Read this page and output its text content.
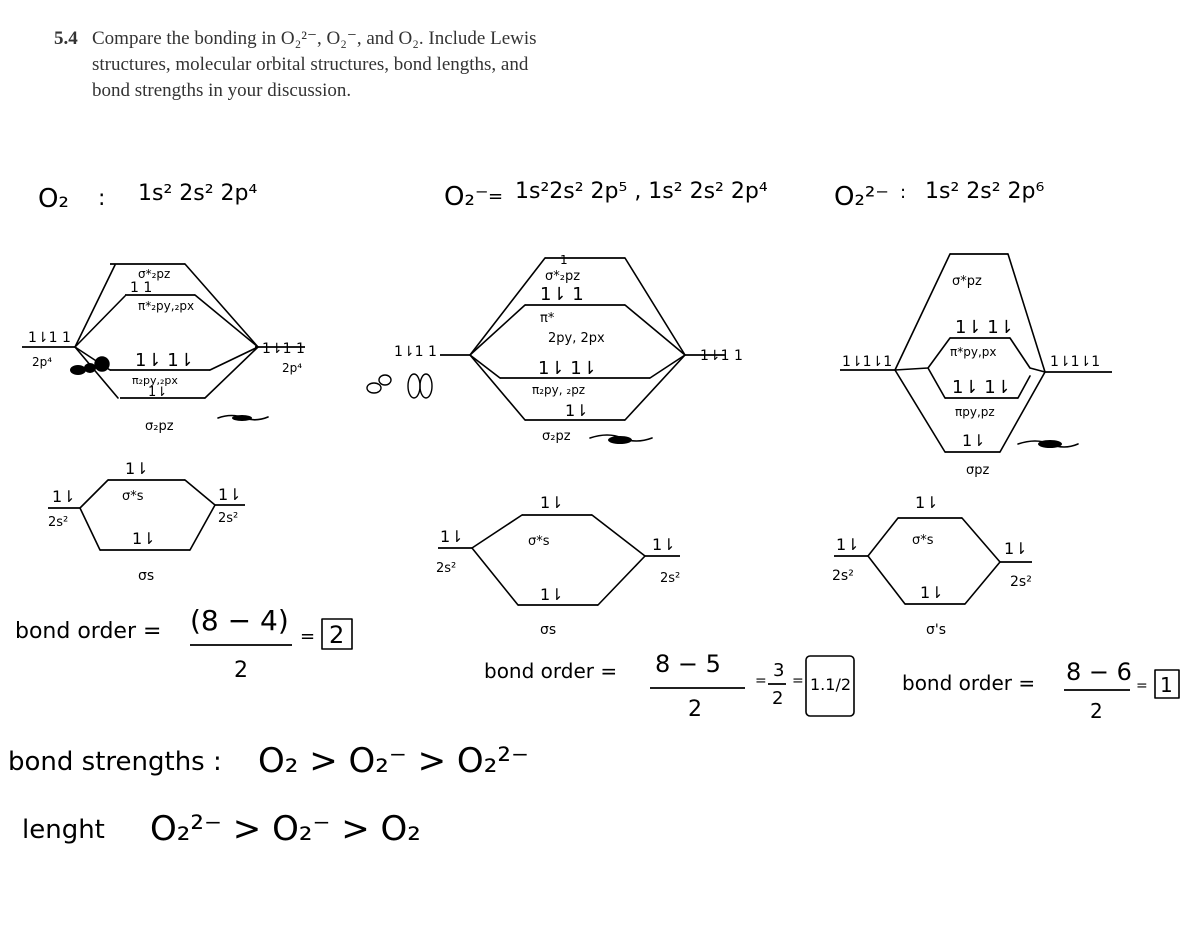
5.4 Compare the bonding in O₂²⁻, O₂⁻, and O₂. Include Lewis
structures, molecular orbital structures, bond lengths, and
bond strengths in your discussion.
O₂ : 1s² 2s² 2p⁴
σ*₂pz
1 1
π*₂py,₂px
1⇂ 1⇂
π₂py,₂px
1⇂
σ₂pz
1⇂1 1
1⇂1 1
2p⁴	2p⁴
1⇂
σ*s
1⇂
σs
1⇂	1⇂
2s²	2s²
bond order = (8 − 4)
2
= 2
O₂⁻ = 1s²2s² 2p⁵ , 1s² 2s² 2p⁴
1
σ*₂pz
1⇂ 1
π*
2py, 2px
1⇂ 1⇂
π₂py, ₂pz
1⇂
σ₂pz
1⇂1 1	1⇂1 1
1⇂
σ*s
1⇂
σs
1⇂	1⇂
2s²
2s²
bond order = 8 − 5
2
= 3
2
= 1.1/2
O₂²⁻ : 1s² 2s² 2p⁶
σ*pz
1⇂ 1⇂
π*py,px
1⇂ 1⇂
πpy,pz
1⇂
σpz
1⇂1⇂1	1⇂1⇂1
1⇂
σ*s
1⇂
σ's
1⇂	1⇂
2s²	2s²
bond order = 8 − 6
2
= 1
bond strengths : O₂ > O₂⁻ > O₂²⁻
lenght O₂²⁻ > O₂⁻ > O₂
